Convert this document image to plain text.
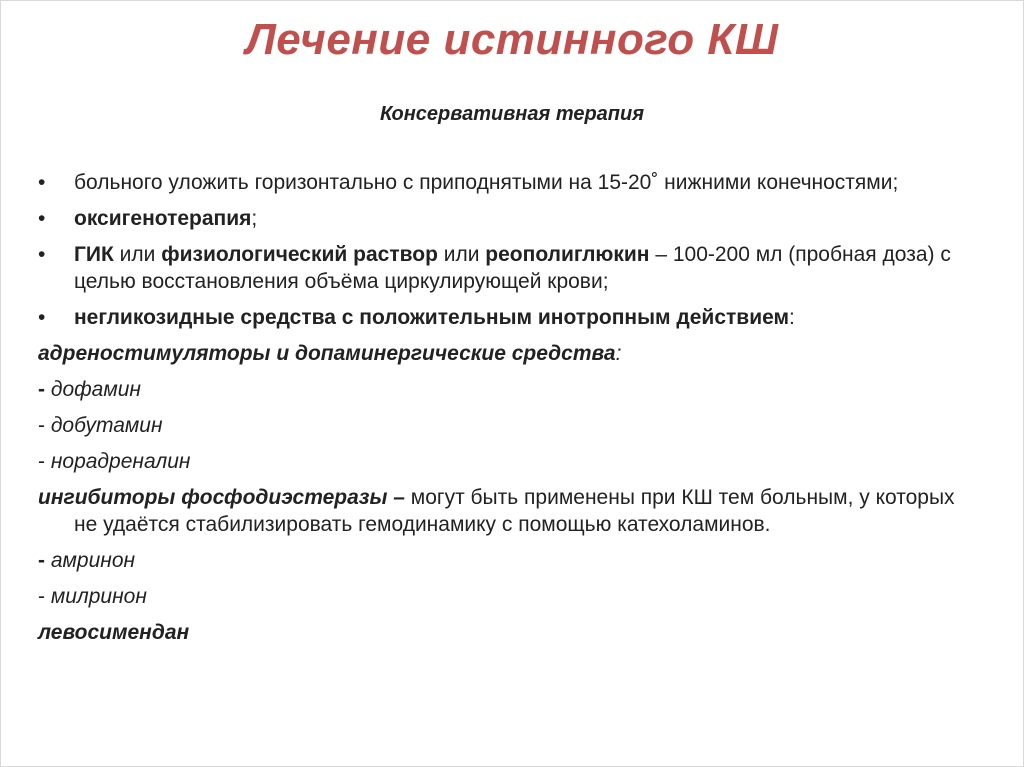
Лечение истинного КШ
Консервативная терапия
• больного уложить горизонтально с приподнятыми на 15-20˚ нижними конечностями;
• оксигенотерапия;
• ГИК или физиологический раствор или реополиглюкин – 100-200 мл (пробная доза) с целью восстановления объёма циркулирующей крови;
• негликозидные средства с положительным инотропным действием:

адреностимуляторы и допаминергические средства:

- дофамин

- добутамин

- норадреналин

ингибиторы фосфодиэстеразы – могут быть применены при КШ тем больным, у которых не удаётся стабилизировать гемодинамику с помощью катехоламинов.

- амринон

- милринон

левосимендан
